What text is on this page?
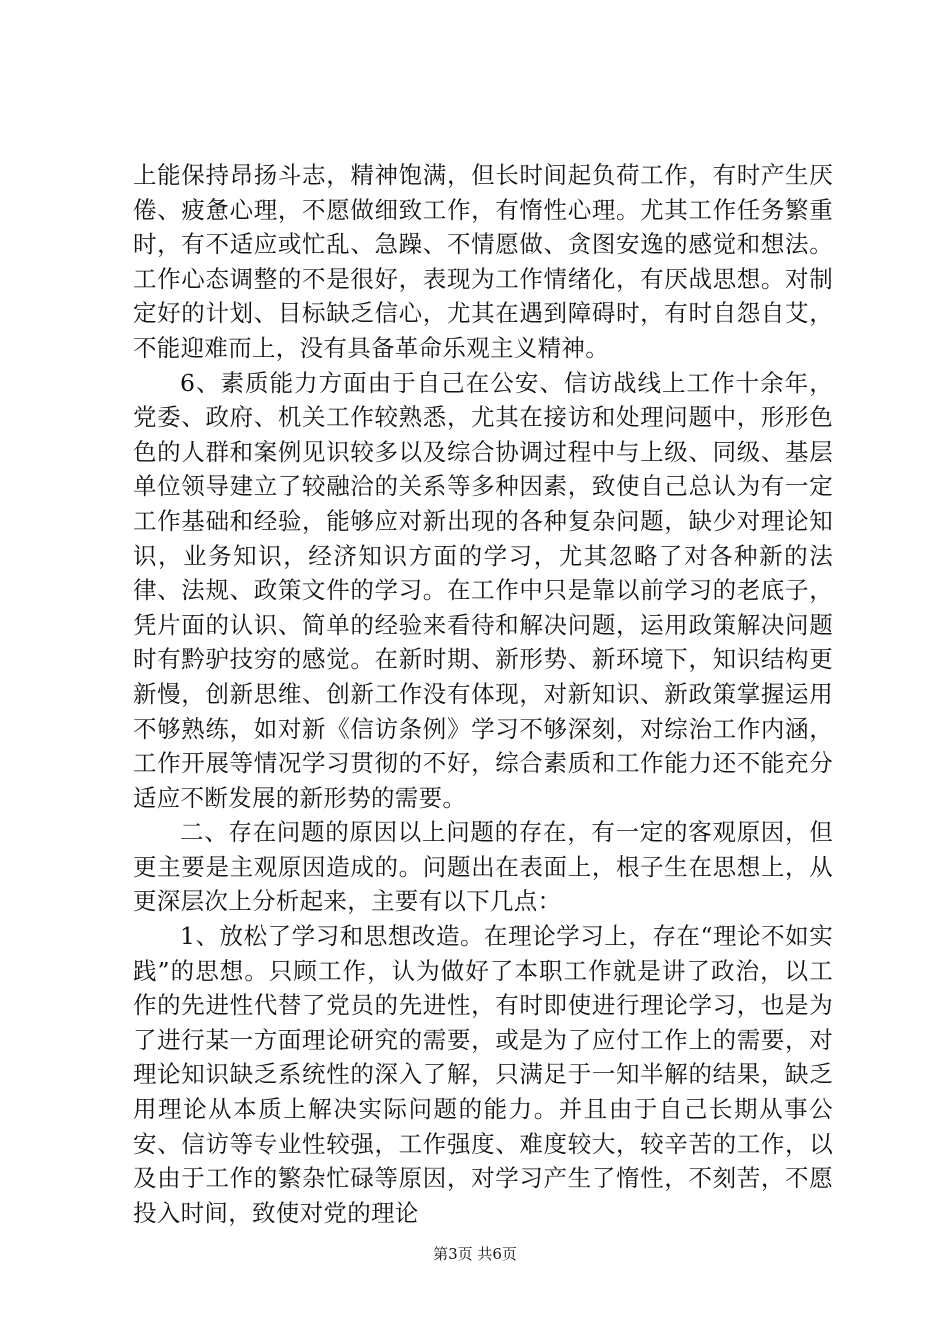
上能保持昂扬斗志，精神饱满，但长时间起负荷工作，有时产生厌倦、疲惫心理，不愿做细致工作，有惰性心理。尤其工作任务繁重时，有不适应或忙乱、急躁、不情愿做、贪图安逸的感觉和想法。工作心态调整的不是很好，表现为工作情绪化，有厌战思想。对制定好的计划、目标缺乏信心，尤其在遇到障碍时，有时自怨自艾，不能迎难而上，没有具备革命乐观主义精神。

6、素质能力方面由于自己在公安、信访战线上工作十余年，党委、政府、机关工作较熟悉，尤其在接访和处理问题中，形形色色的人群和案例见识较多以及综合协调过程中与上级、同级、基层单位领导建立了较融洽的关系等多种因素，致使自己总认为有一定工作基础和经验，能够应对新出现的各种复杂问题，缺少对理论知识，业务知识，经济知识方面的学习，尤其忽略了对各种新的法律、法规、政策文件的学习。在工作中只是靠以前学习的老底子，凭片面的认识、简单的经验来看待和解决问题，运用政策解决问题时有黔驴技穷的感觉。在新时期、新形势、新环境下，知识结构更新慢，创新思维、创新工作没有体现，对新知识、新政策掌握运用不够熟练，如对新《信访条例》学习不够深刻，对综治工作内涵，工作开展等情况学习贯彻的不好，综合素质和工作能力还不能充分适应不断发展的新形势的需要。

二、存在问题的原因以上问题的存在，有一定的客观原因，但更主要是主观原因造成的。问题出在表面上，根子生在思想上，从更深层次上分析起来，主要有以下几点：

1、放松了学习和思想改造。在理论学习上，存在“理论不如实践”的思想。只顾工作，认为做好了本职工作就是讲了政治，以工作的先进性代替了党员的先进性，有时即使进行理论学习，也是为了进行某一方面理论研究的需要，或是为了应付工作上的需要，对理论知识缺乏系统性的深入了解，只满足于一知半解的结果，缺乏用理论从本质上解决实际问题的能力。并且由于自己长期从事公安、信访等专业性较强，工作强度、难度较大，较辛苦的工作，以及由于工作的繁杂忙碌等原因，对学习产生了惰性，不刻苦，不愿投入时间，致使对党的理论

第3页 共6页
